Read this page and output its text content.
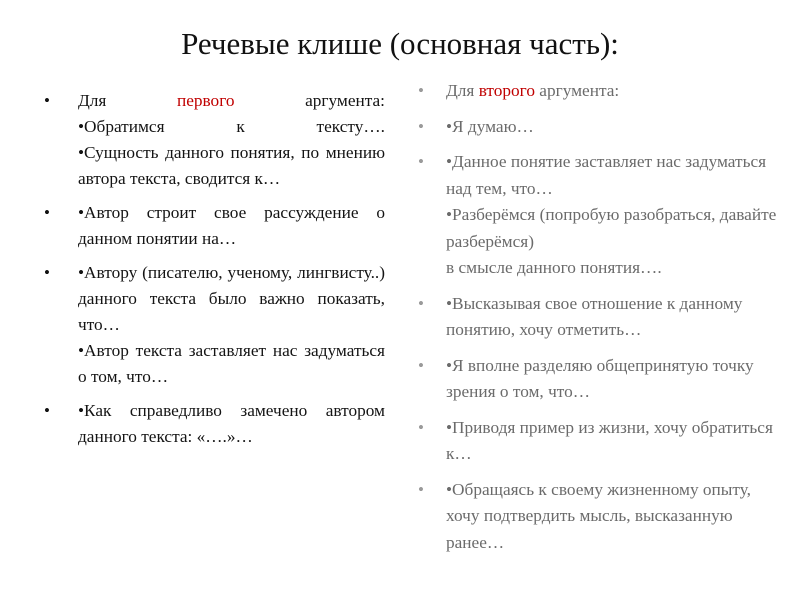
Речевые клише (основная часть):
• Для	первого	аргумента:
•Обратимся к тексту….
•Сущность данного понятия, по мнению автора текста, сводится к…
• •Автор строит свое рассуждение о данном понятии на…
• •Автору (писателю, ученому, лингвисту..) данного текста было важно показать, что…
•Автор текста заставляет нас задуматься о том, что…
• •Как справедливо замечено автором данного текста: «….»…
• Для второго аргумента:
• •Я думаю…
• •Данное понятие заставляет нас задуматься над тем, что…
•Разберёмся (попробую разобраться, давайте разберёмся)
в смысле данного понятия….
• •Высказывая свое отношение к данному понятию, хочу отметить…
• •Я вполне разделяю общепринятую точку зрения о том, что…
• •Приводя пример из жизни, хочу обратиться к…
• •Обращаясь к своему жизненному опыту, хочу подтвердить мысль, высказанную ранее…
